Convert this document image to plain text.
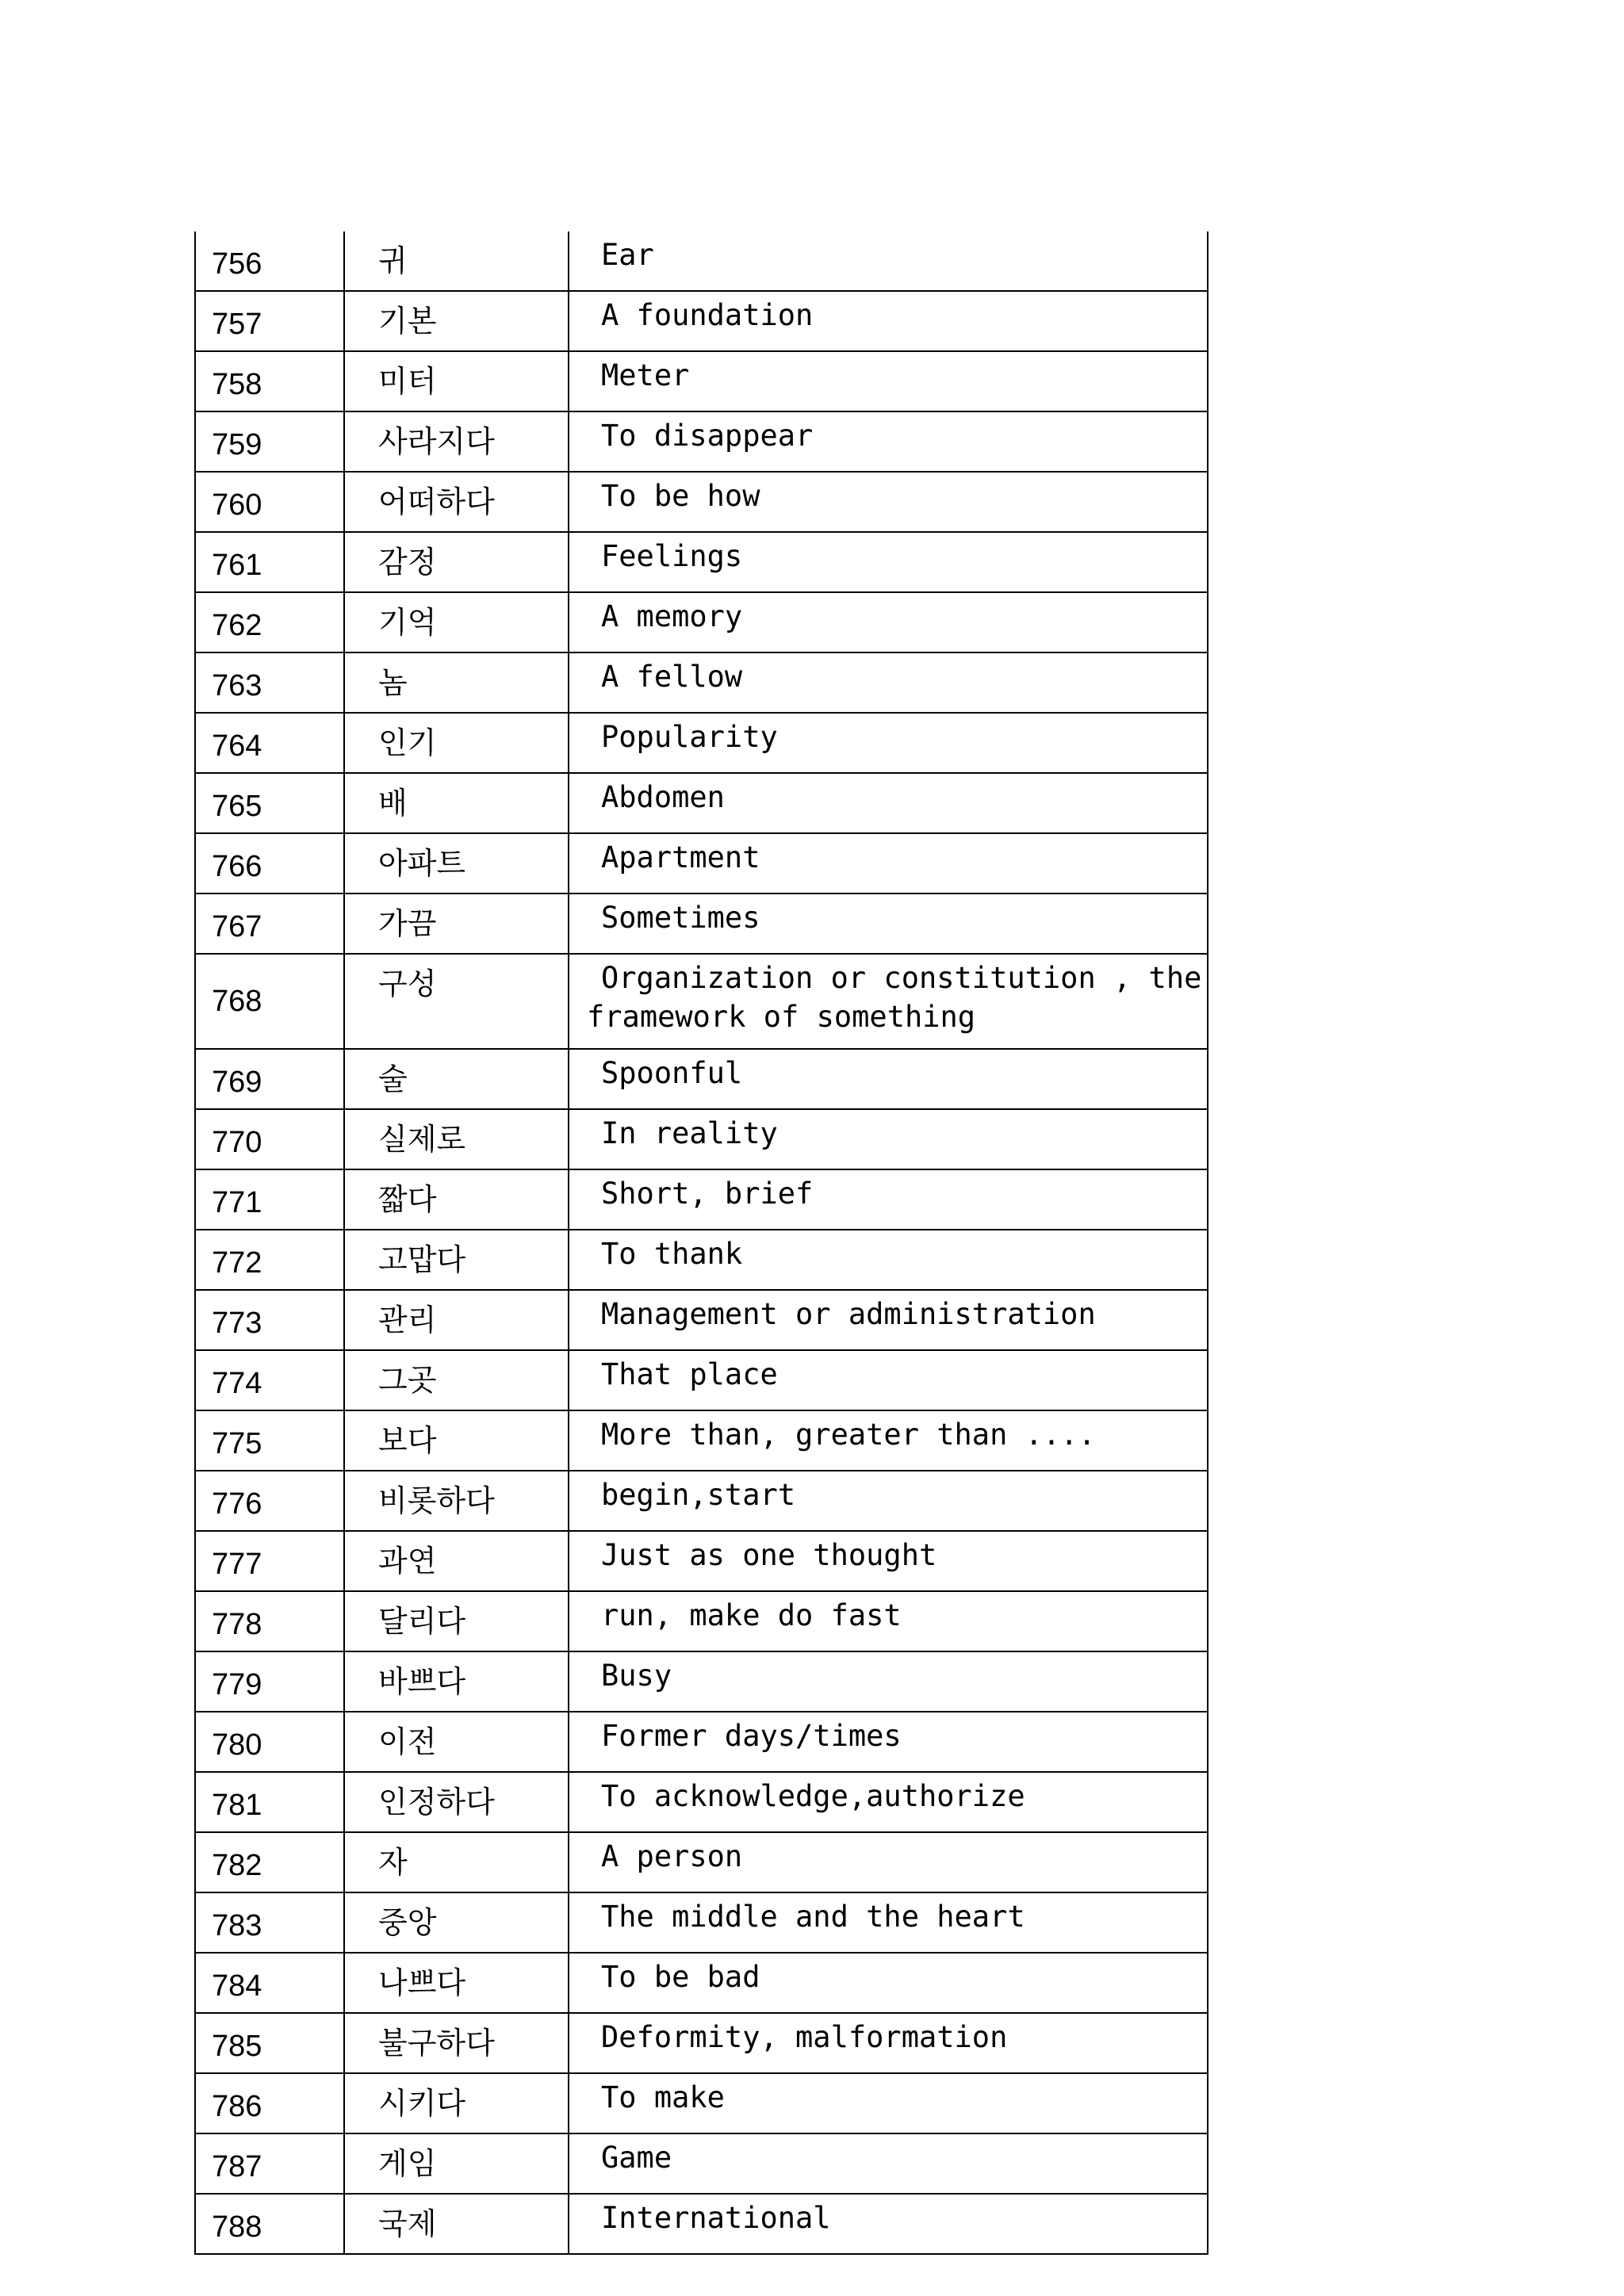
756	귀	Ear
757	기본	A foundation
758	미터	Meter
759	사라지다	To disappear
760	어떠하다	To be how
761	감정	Feelings
762	기억	A memory
763	놈	A fellow
764	인기	Popularity
765	배	Abdomen
766	아파트	Apartment
767	가끔	Sometimes
768	구성	Organization or constitution , the
framework of something

769	술	Spoonful
770	실제로	In reality
771	짧다	Short, brief
772	고맙다	To thank
773	관리	Management or administration
774	그곳	That place
775	보다	More than, greater than ....
776	비롯하다	begin,start
777	과연	Just as one thought
778	달리다	run, make do fast
779	바쁘다	Busy
780	이전	Former days/times
781	인정하다	To acknowledge,authorize
782	자	A person
783	중앙	The middle and the heart
784	나쁘다	To be bad
785	불구하다	Deformity, malformation
786	시키다	To make
787	게임	Game
788	국제	International
